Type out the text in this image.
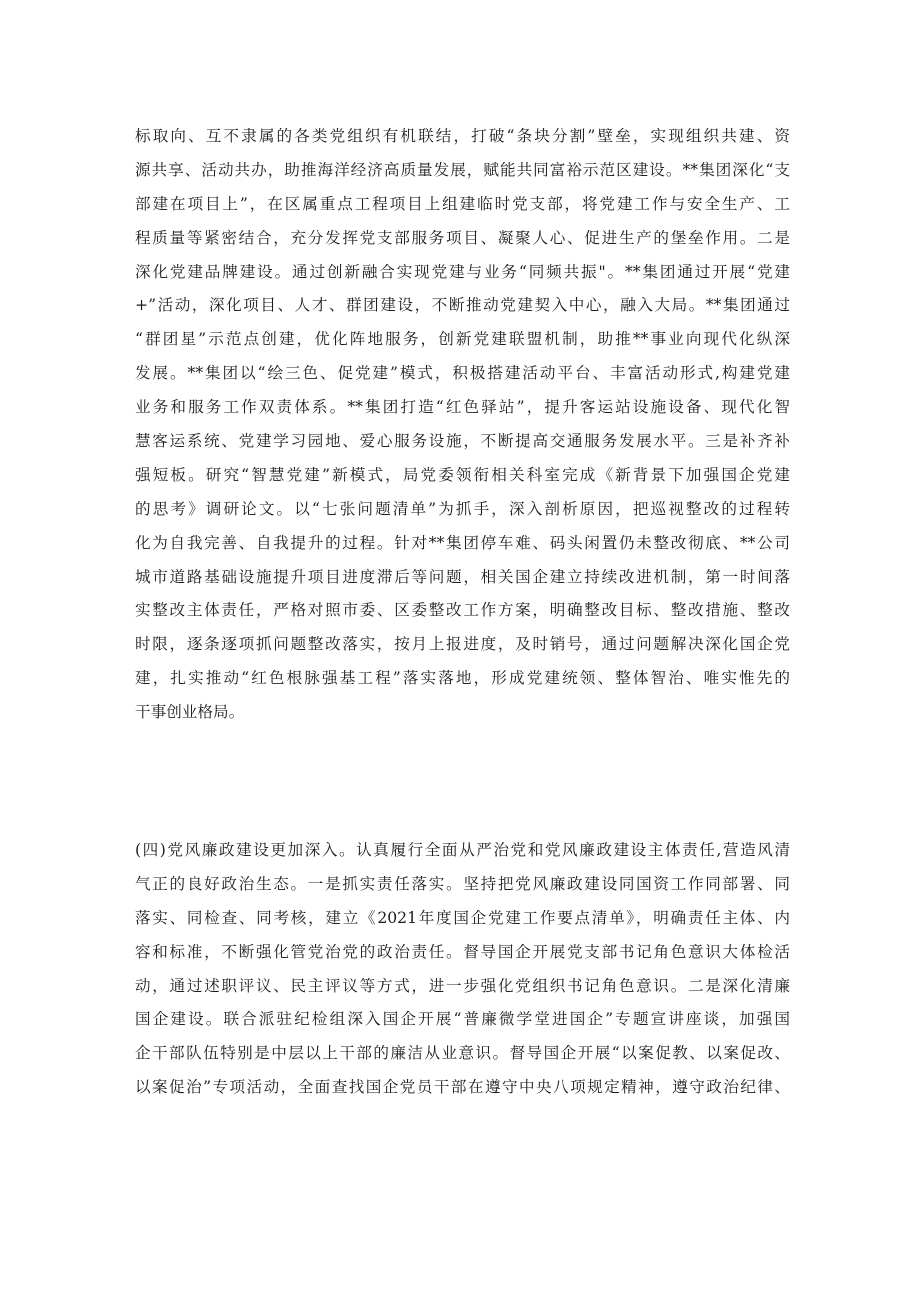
标取向、互不隶属的各类党组织有机联结，打破“条块分割”壁垒，实现组织共建、资
源共享、活动共办，助推海洋经济高质量发展，赋能共同富裕示范区建设。**集团深化“支
部建在项目上”，在区属重点工程项目上组建临时党支部，将党建工作与安全生产、工
程质量等紧密结合，充分发挥党支部服务项目、凝聚人心、促进生产的堡垒作用。二是
深化党建品牌建设。通过创新融合实现党建与业务“同频共振"。**集团通过开展“党建
+”活动，深化项目、人才、群团建设，不断推动党建契入中心，融入大局。**集团通过
“群团星”示范点创建，优化阵地服务，创新党建联盟机制，助推**事业向现代化纵深
发展。**集团以“绘三色、促党建”模式，积极搭建活动平台、丰富活动形式,构建党建
业务和服务工作双责体系。**集团打造“红色驿站”，提升客运站设施设备、现代化智
慧客运系统、党建学习园地、爱心服务设施，不断提高交通服务发展水平。三是补齐补
强短板。研究“智慧党建”新模式，局党委领衔相关科室完成《新背景下加强国企党建
的思考》调研论文。以“七张问题清单”为抓手，深入剖析原因，把巡视整改的过程转
化为自我完善、自我提升的过程。针对**集团停车难、码头闲置仍未整改彻底、**公司
城市道路基础设施提升项目进度滞后等问题，相关国企建立持续改进机制，第一时间落
实整改主体责任，严格对照市委、区委整改工作方案，明确整改目标、整改措施、整改
时限，逐条逐项抓问题整改落实，按月上报进度，及时销号，通过问题解决深化国企党
建，扎实推动“红色根脉强基工程”落实落地，形成党建统领、整体智治、唯实惟先的
干事创业格局。
(四)党风廉政建设更加深入。认真履行全面从严治党和党风廉政建设主体责任,营造风清
气正的良好政治生态。一是抓实责任落实。坚持把党风廉政建设同国资工作同部署、同
落实、同检查、同考核，建立《2021年度国企党建工作要点清单》，明确责任主体、内
容和标准，不断强化管党治党的政治责任。督导国企开展党支部书记角色意识大体检活
动，通过述职评议、民主评议等方式，进一步强化党组织书记角色意识。二是深化清廉
国企建设。联合派驻纪检组深入国企开展“普廉微学堂进国企”专题宣讲座谈，加强国
企干部队伍特别是中层以上干部的廉洁从业意识。督导国企开展“以案促教、以案促改、
以案促治”专项活动，全面查找国企党员干部在遵守中央八项规定精神，遵守政治纪律、
